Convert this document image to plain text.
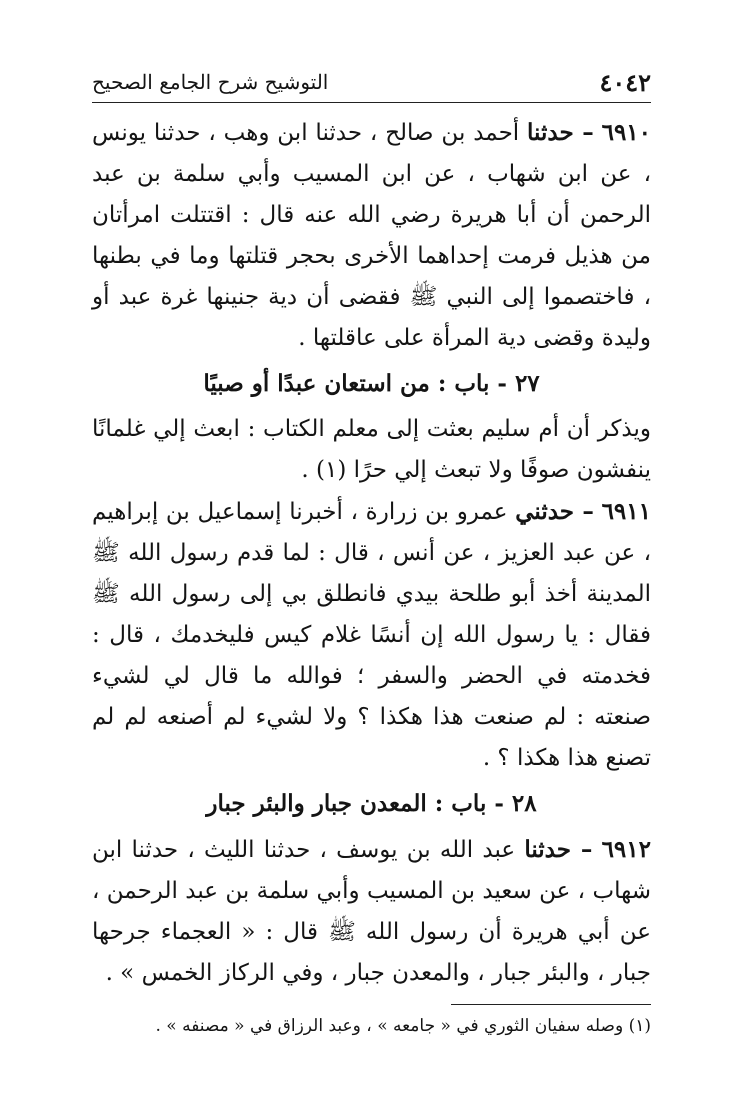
٤٠٤٢
التوشيح شرح الجامع الصحيح

٦٩١٠ – حدثنا أحمد بن صالح ، حدثنا ابن وهب ، حدثنا يونس ، عن ابن شهاب ، عن ابن المسيب وأبي سلمة بن عبد الرحمن أن أبا هريرة رضي الله عنه قال : اقتتلت امرأتان من هذيل فرمت إحداهما الأخرى بحجر قتلتها وما في بطنها ، فاختصموا إلى النبي ﷺ فقضى أن دية جنينها غرة عبد أو وليدة وقضى دية المرأة على عاقلتها .

٢٧ - باب : من استعان عبدًا أو صبيًا

ويذكر أن أم سليم بعثت إلى معلم الكتاب : ابعث إلي غلمانًا ينفشون صوفًا ولا تبعث إلي حرًا (١) .

٦٩١١ – حدثني عمرو بن زرارة ، أخبرنا إسماعيل بن إبراهيم ، عن عبد العزيز ، عن أنس ، قال : لما قدم رسول الله ﷺ المدينة أخذ أبو طلحة بيدي فانطلق بي إلى رسول الله ﷺ فقال : يا رسول الله إن أنسًا غلام كيس فليخدمك ، قال : فخدمته في الحضر والسفر ؛ فوالله ما قال لي لشيء صنعته : لم صنعت هذا هكذا ؟ ولا لشيء لم أصنعه لم لم تصنع هذا هكذا ؟ .

٢٨ - باب : المعدن جبار والبئر جبار

٦٩١٢ – حدثنا عبد الله بن يوسف ، حدثنا الليث ، حدثنا ابن شهاب ، عن سعيد بن المسيب وأبي سلمة بن عبد الرحمن ، عن أبي هريرة أن رسول الله ﷺ قال : « العجماء جرحها جبار ، والبئر جبار ، والمعدن جبار ، وفي الركاز الخمس » .

(١) وصله سفيان الثوري في « جامعه » ، وعبد الرزاق في « مصنفه » .
